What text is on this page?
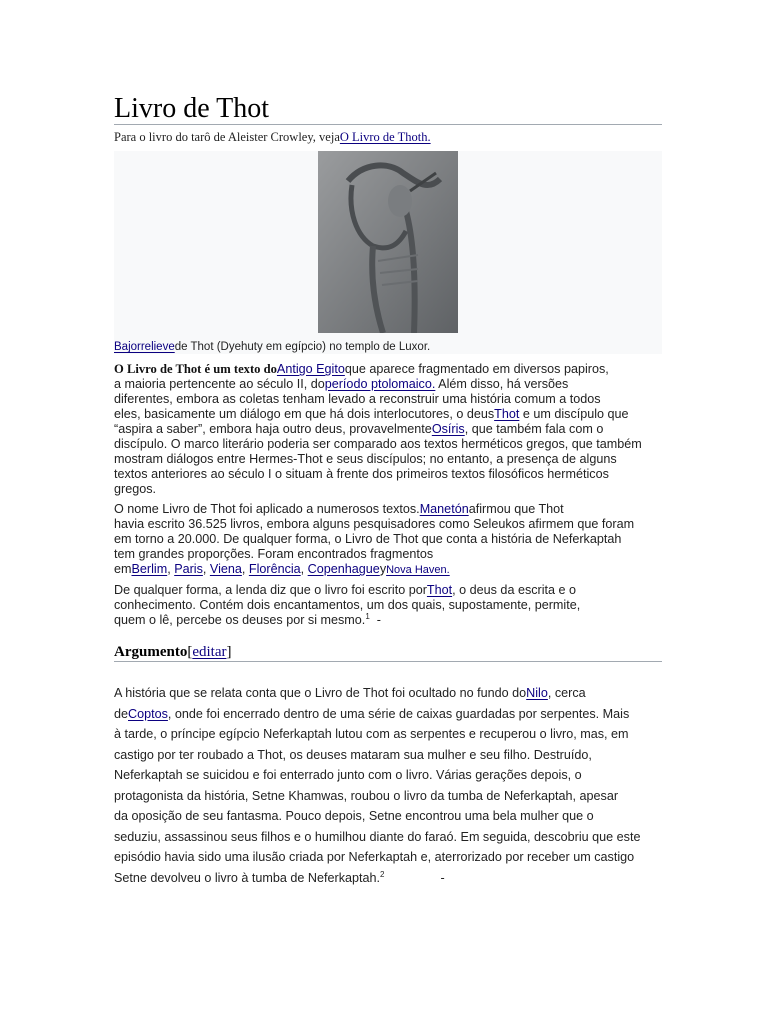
Livro de Thot

Para o livro do tarô de Aleister Crowley, vejaO Livro de Thoth.

Bajorrelievede Thot (Dyehuty em egípcio) no templo de Luxor.

O Livro de Thot é um texto doAntigo Egitoque aparece fragmentado em diversos papiros,
a maioria pertencente ao século II, doperíodo ptolomaico. Além disso, há versões
diferentes, embora as coletas tenham levado a reconstruir uma história comum a todos
eles, basicamente um diálogo em que há dois interlocutores, o deusThot e um discípulo que
“aspira a saber”, embora haja outro deus, provavelmenteOsíris, que também fala com o
discípulo. O marco literário poderia ser comparado aos textos herméticos gregos, que também
mostram diálogos entre Hermes-Thot e seus discípulos; no entanto, a presença de alguns
textos anteriores ao século I o situam à frente dos primeiros textos filosóficos herméticos
gregos.

O nome Livro de Thot foi aplicado a numerosos textos.Manetónafirmou que Thot
havia escrito 36.525 livros, embora alguns pesquisadores como Seleukos afirmem que foram
em torno a 20.000. De qualquer forma, o Livro de Thot que conta a história de Neferkaptah
tem grandes proporções. Foram encontrados fragmentos
emBerlim, Paris, Viena, Florência, CopenhagueyNova Haven.

De qualquer forma, a lenda diz que o livro foi escrito porThot, o deus da escrita e o
conhecimento. Contém dois encantamentos, um dos quais, supostamente, permite,
quem o lê, percebe os deuses por si mesmo.$^1$ -

Argumento[editar]

A história que se relata conta que o Livro de Thot foi ocultado no fundo doNilo, cerca
deCoptos, onde foi encerrado dentro de uma série de caixas guardadas por serpentes. Mais
à tarde, o príncipe egípcio Neferkaptah lutou com as serpentes e recuperou o livro, mas, em
castigo por ter roubado a Thot, os deuses mataram sua mulher e seu filho. Destruído,
Neferkaptah se suicidou e foi enterrado junto com o livro. Várias gerações depois, o
protagonista da história, Setne Khamwas, roubou o livro da tumba de Neferkaptah, apesar
da oposição de seu fantasma. Pouco depois, Setne encontrou uma bela mulher que o
seduziu, assassinou seus filhos e o humilhou diante do faraó. Em seguida, descobriu que este
episódio havia sido uma ilusão criada por Neferkaptah e, aterrorizado por receber um castigo
Setne devolveu o livro à tumba de Neferkaptah.$^2$	-
